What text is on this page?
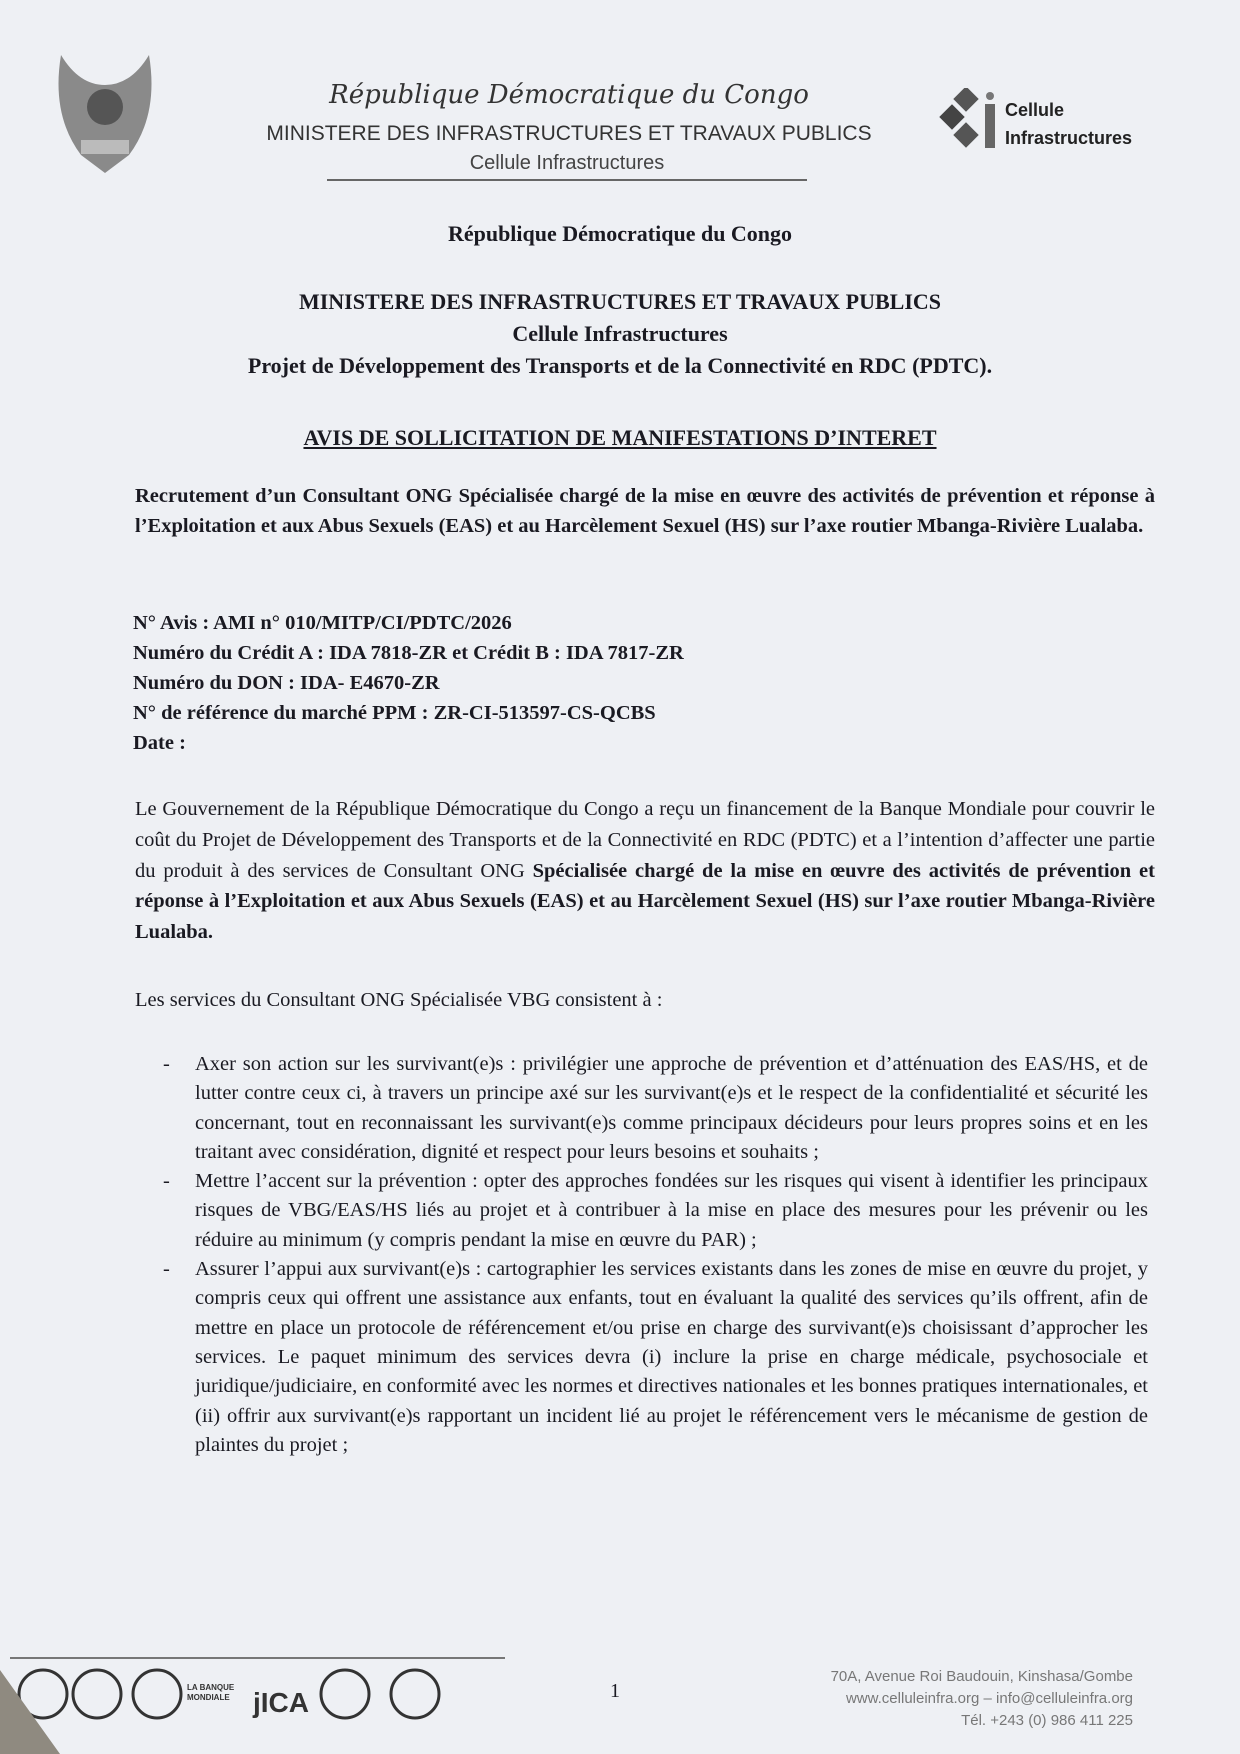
République Démocratique du Congo
MINISTERE DES INFRASTRUCTURES ET TRAVAUX PUBLICS
Cellule Infrastructures
Cellule
Infrastructures
République Démocratique du Congo
MINISTERE DES INFRASTRUCTURES ET TRAVAUX PUBLICS
Cellule Infrastructures
Projet de Développement des Transports et de la Connectivité en RDC (PDTC).
AVIS DE SOLLICITATION DE MANIFESTATIONS D’INTERET
Recrutement d’un Consultant ONG Spécialisée chargé de la mise en œuvre des activités de prévention et réponse à l’Exploitation et aux Abus Sexuels (EAS) et au Harcèlement Sexuel (HS) sur l’axe routier Mbanga-Rivière Lualaba.
N° Avis : AMI n° 010/MITP/CI/PDTC/2026
Numéro du Crédit A : IDA 7818-ZR et Crédit B : IDA 7817-ZR
Numéro du DON : IDA- E4670-ZR
N° de référence du marché PPM : ZR-CI-513597-CS-QCBS
Date :
Le Gouvernement de la République Démocratique du Congo a reçu un financement de la Banque Mondiale pour couvrir le coût du Projet de Développement des Transports et de la Connectivité en RDC (PDTC) et a l’intention d’affecter une partie du produit à des services de Consultant ONG Spécialisée chargé de la mise en œuvre des activités de prévention et réponse à l’Exploitation et aux Abus Sexuels (EAS) et au Harcèlement Sexuel (HS) sur l’axe routier Mbanga-Rivière Lualaba.
Les services du Consultant ONG Spécialisée VBG consistent à :
- Axer son action sur les survivant(e)s : privilégier une approche de prévention et d’atténuation des EAS/HS, et de lutter contre ceux ci, à travers un principe axé sur les survivant(e)s et le respect de la confidentialité et sécurité les concernant, tout en reconnaissant les survivant(e)s comme principaux décideurs pour leurs propres soins et en les traitant avec considération, dignité et respect pour leurs besoins et souhaits ;
- Mettre l’accent sur la prévention : opter des approches fondées sur les risques qui visent à identifier les principaux risques de VBG/EAS/HS liés au projet et à contribuer à la mise en place des mesures pour les prévenir ou les réduire au minimum (y compris pendant la mise en œuvre du PAR) ;
- Assurer l’appui aux survivant(e)s : cartographier les services existants dans les zones de mise en œuvre du projet, y compris ceux qui offrent une assistance aux enfants, tout en évaluant la qualité des services qu’ils offrent, afin de mettre en place un protocole de référencement et/ou prise en charge des survivant(e)s choisissant d’approcher les services. Le paquet minimum des services devra (i) inclure la prise en charge médicale, psychosociale et juridique/judiciaire, en conformité avec les normes et directives nationales et les bonnes pratiques internationales, et (ii) offrir aux survivant(e)s rapportant un incident lié au projet le référencement vers le mécanisme de gestion de plaintes du projet ;
LA BANQUE
MONDIALE jICA	1
70A, Avenue Roi Baudouin, Kinshasa/Gombe
www.celluleinfra.org – info@celluleinfra.org
Tél. +243 (0) 986 411 225
